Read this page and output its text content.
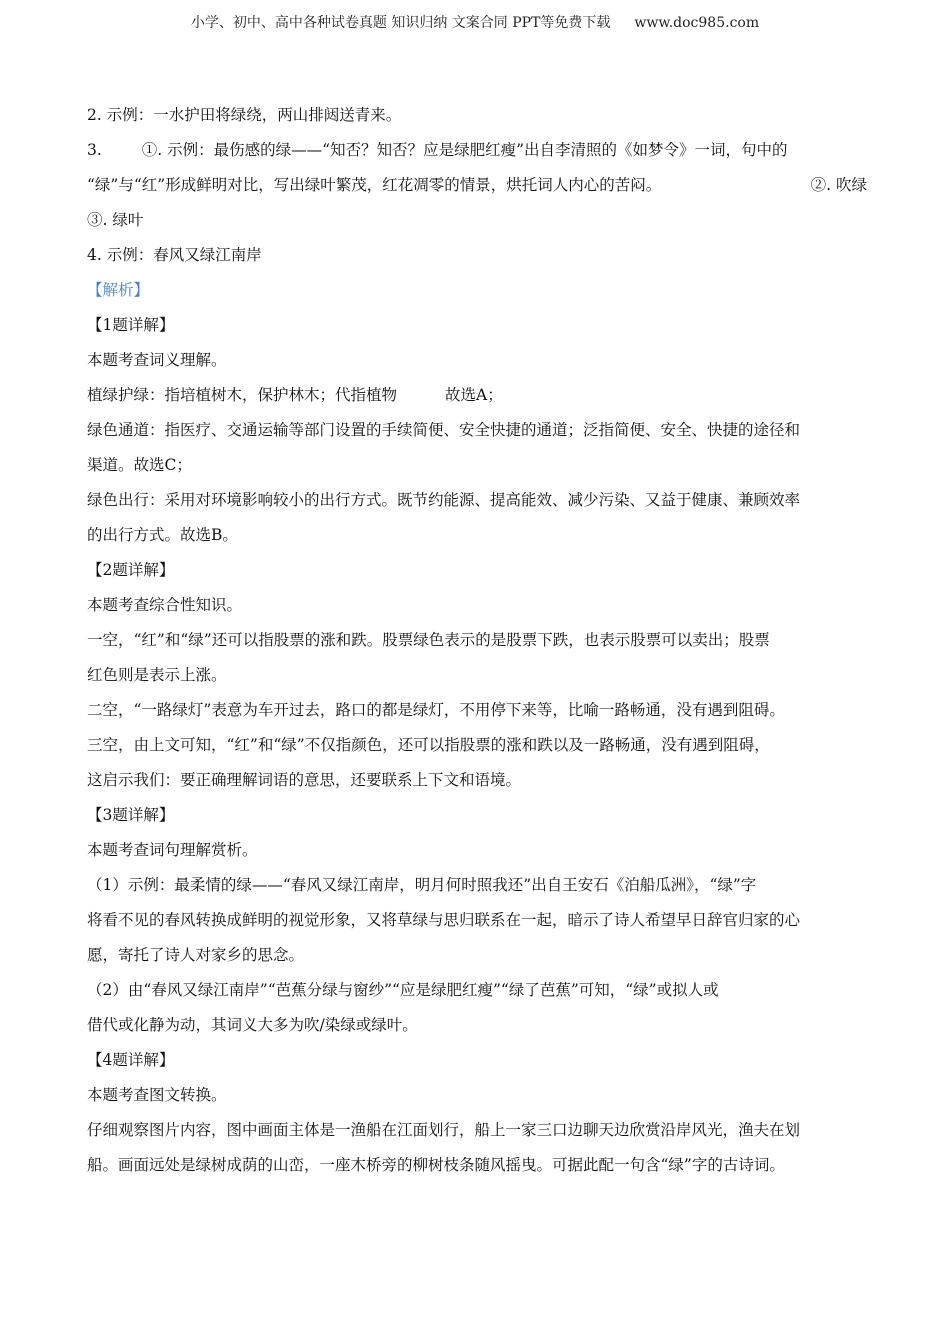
小学、初中、高中各种试卷真题 知识归纳 文案合同 PPT等免费下载 www.doc985.com
2. 示例：一水护田将绿绕，两山排闼送青来。
3.	①. 示例：最伤感的绿——“知否？知否？应是绿肥红瘦”出自李清照的《如梦令》一词，句中的
“绿”与“红”形成鲜明对比，写出绿叶繁茂，红花凋零的情景，烘托词人内心的苦闷。	②. 吹绿
③. 绿叶
4. 示例：春风又绿江南岸
【解析】
【1题详解】
本题考查词义理解。
植绿护绿：指培植树木，保护林木；代指植物	故选A；
绿色通道：指医疗、交通运输等部门设置的手续简便、安全快捷的通道；泛指简便、安全、快捷的途径和
渠道。故选C；
绿色出行：采用对环境影响较小的出行方式。既节约能源、提高能效、减少污染、又益于健康、兼顾效率
的出行方式。故选B。
【2题详解】
本题考查综合性知识。
一空，“红”和“绿”还可以指股票的涨和跌。股票绿色表示的是股票下跌，也表示股票可以卖出；股票
红色则是表示上涨。
二空，“一路绿灯”表意为车开过去，路口的都是绿灯，不用停下来等，比喻一路畅通，没有遇到阻碍。
三空，由上文可知，“红”和“绿”不仅指颜色，还可以指股票的涨和跌以及一路畅通，没有遇到阻碍，
这启示我们：要正确理解词语的意思，还要联系上下文和语境。
【3题详解】
本题考查词句理解赏析。
（1）示例：最柔情的绿——“春风又绿江南岸，明月何时照我还”出自王安石《泊船瓜洲》，“绿”字
将看不见的春风转换成鲜明的视觉形象，又将草绿与思归联系在一起，暗示了诗人希望早日辞官归家的心
愿，寄托了诗人对家乡的思念。
（2）由“春风又绿江南岸”“芭蕉分绿与窗纱”“应是绿肥红瘦”“绿了芭蕉”可知，“绿”或拟人或
借代或化静为动，其词义大多为吹/染绿或绿叶。
【4题详解】
本题考查图文转换。
仔细观察图片内容，图中画面主体是一渔船在江面划行，船上一家三口边聊天边欣赏沿岸风光，渔夫在划
船。画面远处是绿树成荫的山峦，一座木桥旁的柳树枝条随风摇曳。可据此配一句含“绿”字的古诗词。
